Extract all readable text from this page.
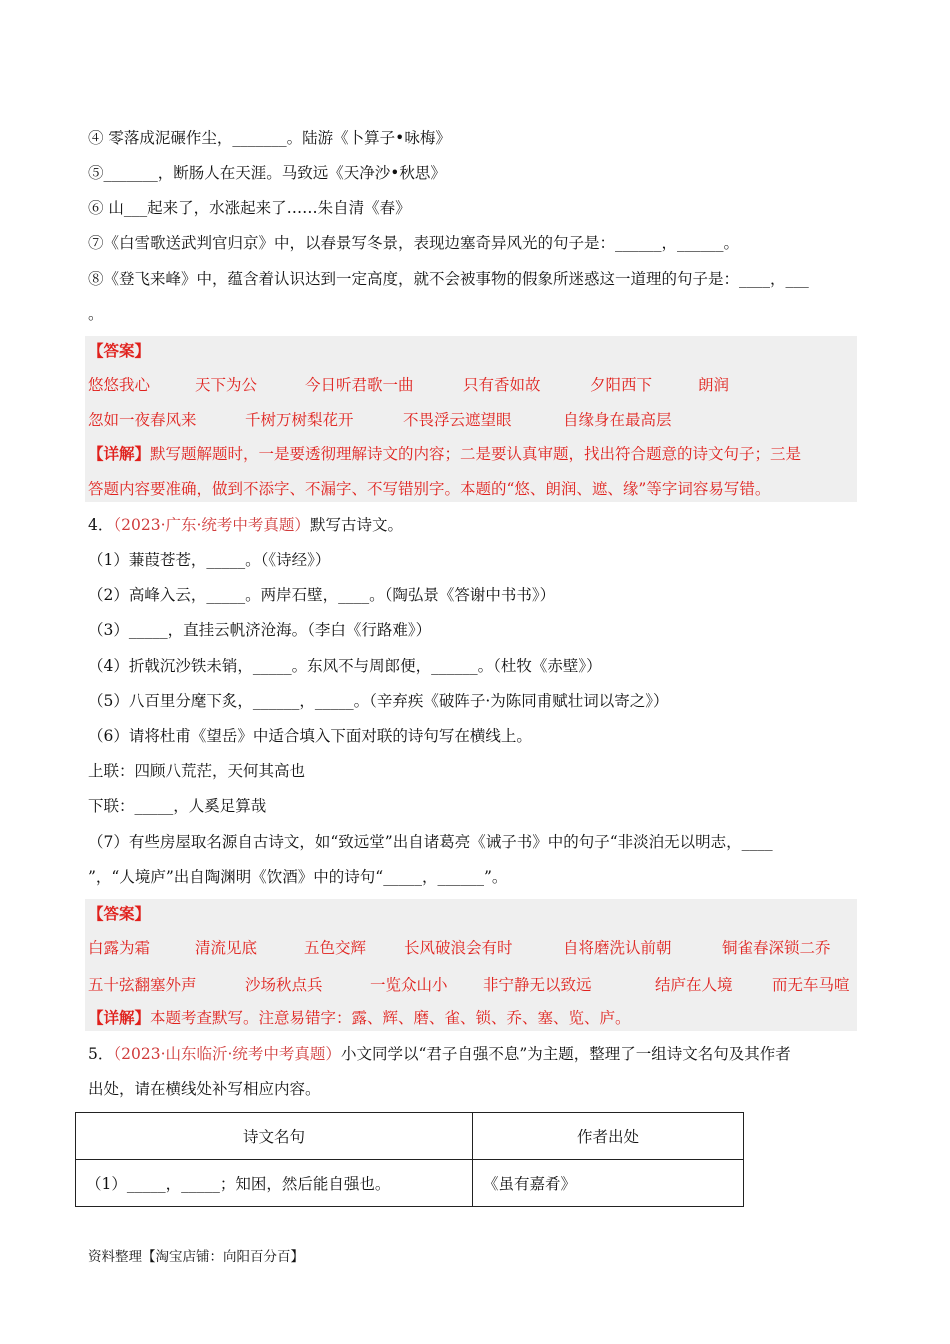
④ 零落成泥碾作尘，_______。陆游《卜算子•咏梅》
⑤_______，断肠人在天涯。马致远《天净沙•秋思》
⑥ 山___起来了，水涨起来了……朱自清《春》
⑦《白雪歌送武判官归京》中，以春景写冬景，表现边塞奇异风光的句子是：______，______。
⑧《登飞来峰》中，蕴含着认识达到一定高度，就不会被事物的假象所迷惑这一道理的句子是：____，___
。
【答案】
悠悠我心	天下为公	今日听君歌一曲	只有香如故	夕阳西下	朗润
忽如一夜春风来	千树万树梨花开	不畏浮云遮望眼	自缘身在最高层
【详解】默写题解题时，一是要透彻理解诗文的内容；二是要认真审题，找出符合题意的诗文句子；三是
答题内容要准确，做到不添字、不漏字、不写错别字。本题的“悠、朗润、遮、缘”等字词容易写错。
4．（2023·广东·统考中考真题）默写古诗文。
（1）蒹葭苍苍，_____。（《诗经》）
（2）高峰入云，_____。两岸石壁，____。（陶弘景《答谢中书书》）
（3）_____，直挂云帆济沧海。（李白《行路难》）
（4）折戟沉沙铁未销，_____。东风不与周郎便，______。（杜牧《赤壁》）
（5）八百里分麾下炙，______，_____。（辛弃疾《破阵子·为陈同甫赋壮词以寄之》）
（6）请将杜甫《望岳》中适合填入下面对联的诗句写在横线上。
上联：四顾八荒茫，天何其高也
下联：_____，人奚足算哉
（7）有些房屋取名源自古诗文，如“致远堂”出自诸葛亮《诫子书》中的句子“非淡泊无以明志，____
”，“人境庐”出自陶渊明《饮酒》中的诗句“_____，______”。
【答案】
白露为霜	清流见底	五色交辉 长风破浪会有时	自将磨洗认前朝	铜雀春深锁二乔
五十弦翻塞外声	沙场秋点兵	一览众山小 非宁静无以致远	结庐在人境	而无车马喧
【详解】本题考查默写。注意易错字：露、辉、磨、雀、锁、乔、塞、览、庐。
5．（2023·山东临沂·统考中考真题）小文同学以“君子自强不息”为主题，整理了一组诗文名句及其作者
出处，请在横线处补写相应内容。
诗文名句	作者出处
（1）_____，_____；知困，然后能自强也。	《虽有嘉肴》
资料整理【淘宝店铺：向阳百分百】
